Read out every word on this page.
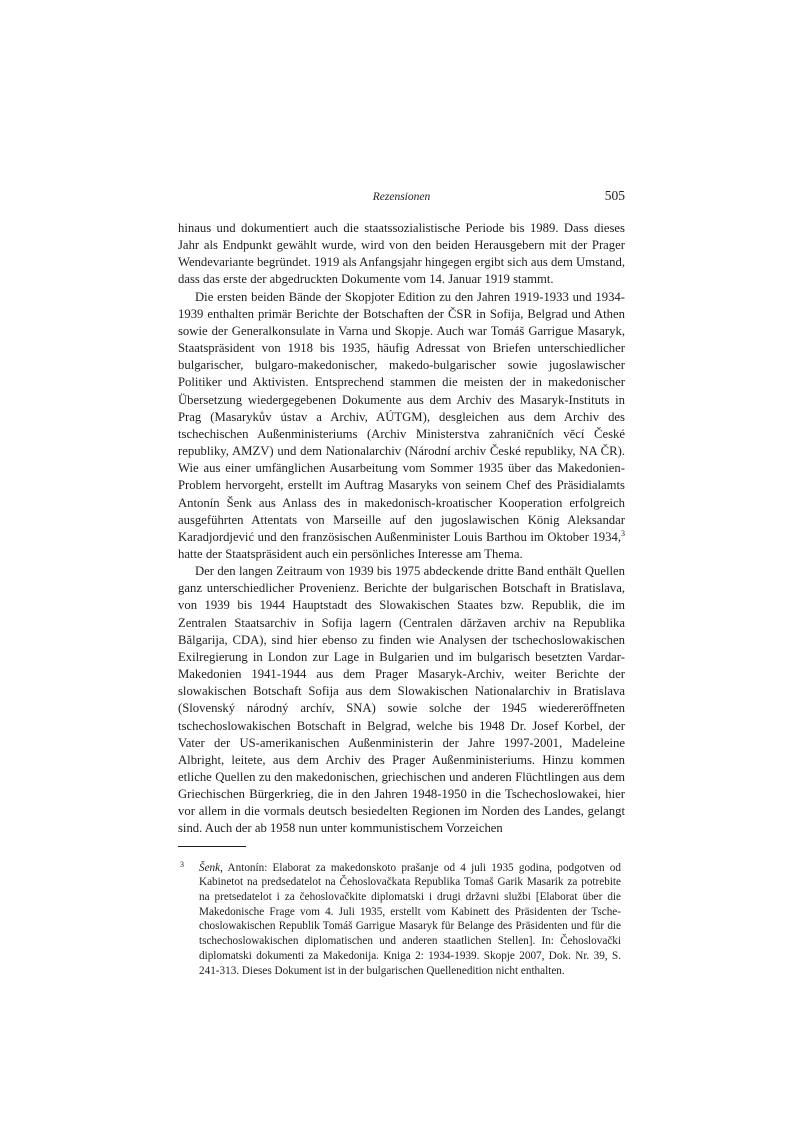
Rezensionen	505

hinaus und dokumentiert auch die staatssozialistische Periode bis 1989. Dass dieses Jahr als Endpunkt gewählt wurde, wird von den beiden Herausgebern mit der Prager Wendevariante begründet. 1919 als Anfangsjahr hingegen ergibt sich aus dem Umstand, dass das erste der abgedruckten Dokumente vom 14. Januar 1919 stammt.

Die ersten beiden Bände der Skopjoter Edition zu den Jahren 1919-1933 und 1934-1939 enthalten primär Berichte der Botschaften der ČSR in Sofija, Belgrad und Athen sowie der Generalkonsulate in Varna und Skopje. Auch war Tomáš Garrigue Masaryk, Staatspräsident von 1918 bis 1935, häufig Adressat von Briefen unterschiedlicher bulgarischer, bulgaro-makedonischer, makedo-bulgarischer sowie jugoslawischer Politiker und Aktivisten. Entsprechend stammen die meisten der in makedonischer Übersetzung wiedergegebenen Dokumente aus dem Archiv des Masaryk-Instituts in Prag (Masarykův ústav a Archiv, AÚTGM), desgleichen aus dem Archiv des tschechischen Außenministeriums (Archiv Ministerstva zahraničních věcí České republiky, AMZV) und dem Nationalarchiv (Národní archiv České republiky, NA ČR). Wie aus einer umfänglichen Ausarbeitung vom Sommer 1935 über das Makedonien-Problem hervorgeht, erstellt im Auftrag Masaryks von seinem Chef des Präsidialamts Antonín Šenk aus Anlass des in makedonisch-kroatischer Kooperation erfolgreich ausgeführten Attentats von Marseille auf den jugoslawischen König Aleksandar Karadjordjević und den französischen Außenminister Louis Barthou im Oktober 1934,$^3$ hatte der Staatspräsident auch ein persönliches Interesse am Thema.

Der den langen Zeitraum von 1939 bis 1975 abdeckende dritte Band enthält Quellen ganz unterschiedlicher Provenienz. Berichte der bulgarischen Botschaft in Bratislava, von 1939 bis 1944 Hauptstadt des Slowakischen Staates bzw. Republik, die im Zentralen Staatsarchiv in Sofija lagern (Centralen dăržaven archiv na Republika Bălgarija, CDA), sind hier ebenso zu finden wie Analysen der tschechoslowakischen Exilregierung in London zur Lage in Bulgarien und im bulgarisch besetzten Vardar-Makedonien 1941-1944 aus dem Prager Masaryk-Archiv, weiter Berichte der slowakischen Botschaft Sofija aus dem Slowakischen Nationalarchiv in Bratislava (Slovenský národný archív, SNA) sowie solche der 1945 wiedereröffneten tschechoslowakischen Botschaft in Belgrad, welche bis 1948 Dr. Josef Korbel, der Vater der US-amerikanischen Außenministerin der Jahre 1997-2001, Madeleine Albright, leitete, aus dem Archiv des Prager Außenministeriums. Hinzu kommen etliche Quellen zu den makedonischen, griechischen und anderen Flüchtlingen aus dem Griechischen Bürgerkrieg, die in den Jahren 1948-1950 in die Tschechoslowakei, hier vor allem in die vormals deutsch besiedelten Regionen im Norden des Landes, gelangt sind. Auch der ab 1958 nun unter kommunistischem Vorzeichen

3 Šenk, Antonín: Elaborat za makedonskoto prašanje od 4 juli 1935 godina, podgotven od Kabinetot na predsedatelot na Čehoslovačkata Republika Tomaš Garik Masarik za potrebite na pretsedatelot i za čehoslovačkite diplomatski i drugi državni službi [Elaborat über die Makedonische Frage vom 4. Juli 1935, erstellt vom Kabinett des Präsidenten der Tschechoslowakischen Republik Tomáš Garrigue Masaryk für Belange des Präsidenten und für die tschechoslowakischen diplomatischen und anderen staatlichen Stellen]. In: Čehoslovački diplomatski dokumenti za Makedonija. Kniga 2: 1934-1939. Skopje 2007, Dok. Nr. 39, S. 241-313. Dieses Dokument ist in der bulgarischen Quellenedition nicht enthalten.
